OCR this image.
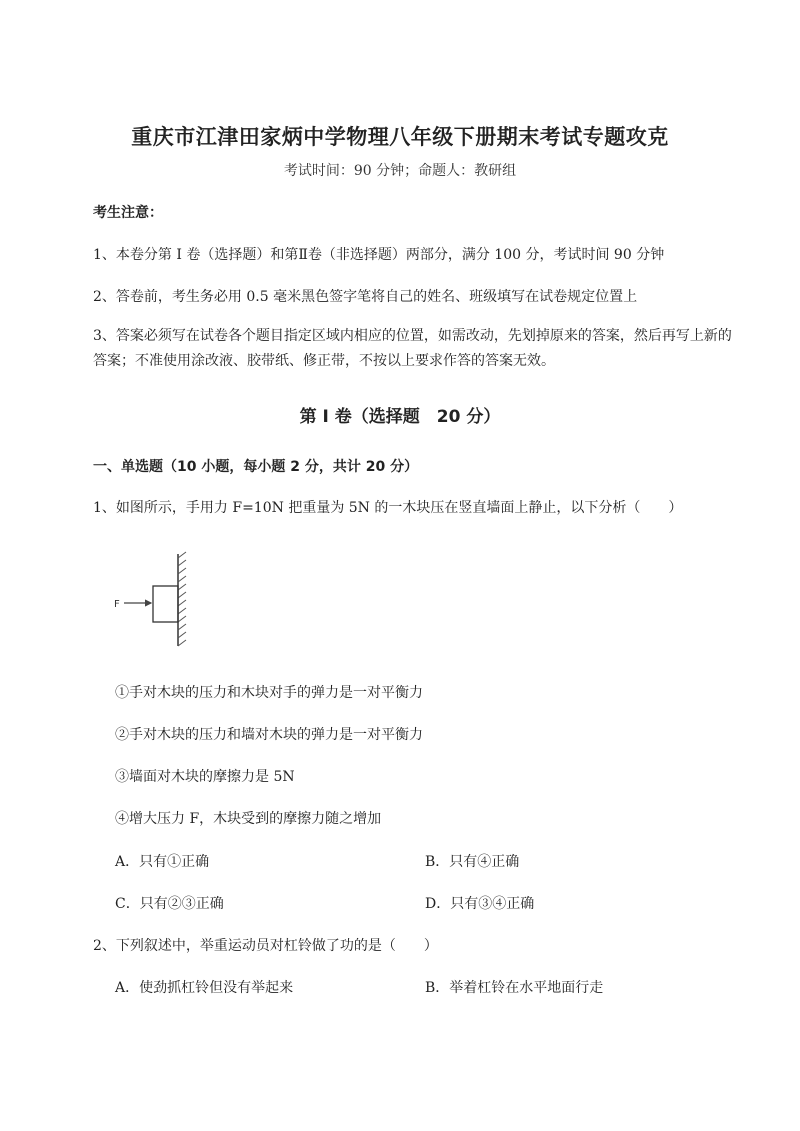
重庆市江津田家炳中学物理八年级下册期末考试专题攻克
考试时间：90 分钟；命题人：教研组
考生注意：
1、本卷分第 I 卷（选择题）和第Ⅱ卷（非选择题）两部分，满分 100 分，考试时间 90 分钟
2、答卷前，考生务必用 0.5 毫米黑色签字笔将自己的姓名、班级填写在试卷规定位置上
3、答案必须写在试卷各个题目指定区域内相应的位置，如需改动，先划掉原来的答案，然后再写上新的答案；不准使用涂改液、胶带纸、修正带，不按以上要求作答的答案无效。
第 I 卷（选择题　20 分）
一、单选题（10 小题，每小题 2 分，共计 20 分）
1、如图所示，手用力 F=10N 把重量为 5N 的一木块压在竖直墙面上静止，以下分析（　　）
F
①手对木块的压力和木块对手的弹力是一对平衡力
②手对木块的压力和墙对木块的弹力是一对平衡力
③墙面对木块的摩擦力是 5N
④增大压力 F，木块受到的摩擦力随之增加
A．只有①正确	B．只有④正确
C．只有②③正确	D．只有③④正确
2、下列叙述中，举重运动员对杠铃做了功的是（　　）
A．使劲抓杠铃但没有举起来	B．举着杠铃在水平地面行走
